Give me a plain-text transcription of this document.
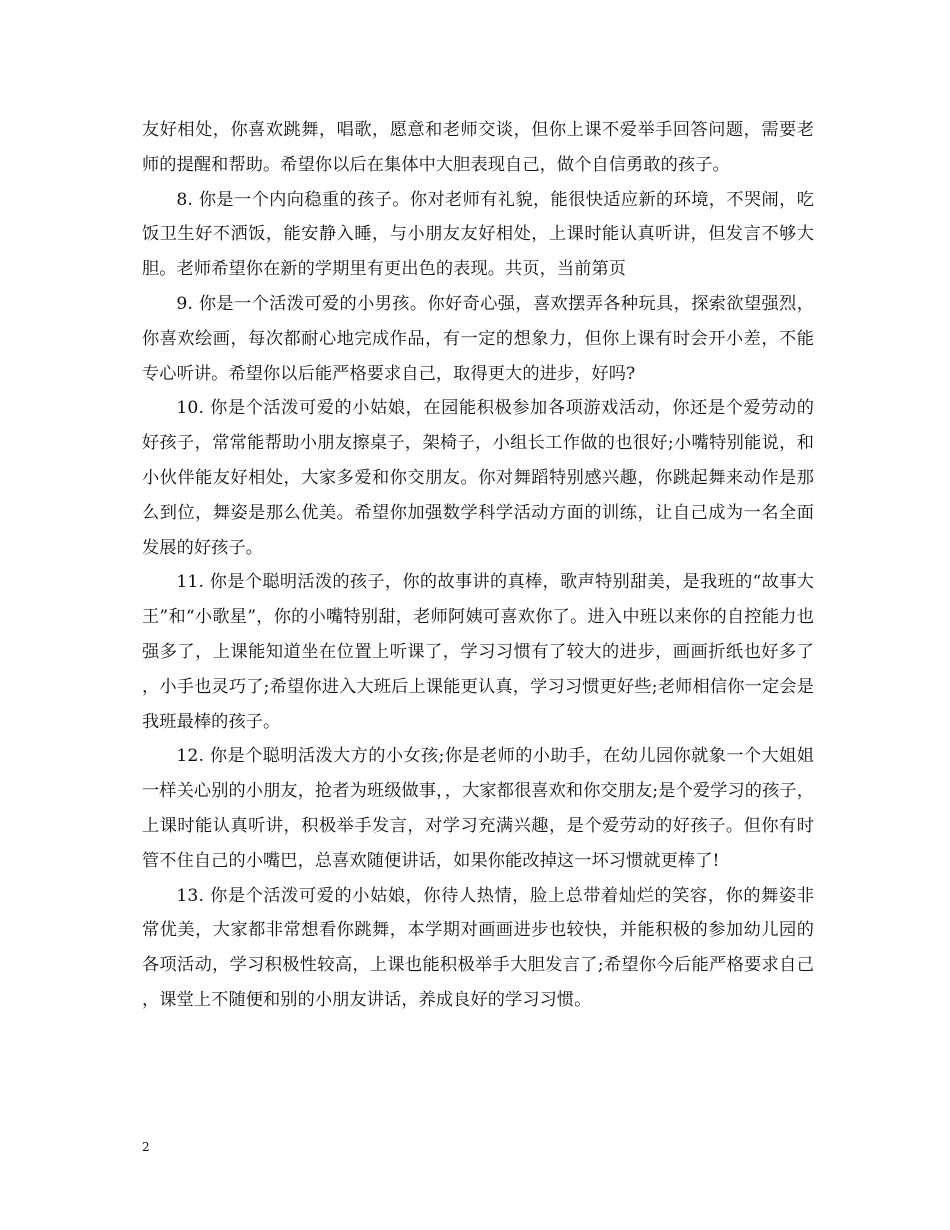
友好相处，你喜欢跳舞，唱歌，愿意和老师交谈，但你上课不爱举手回答问题，需要老师的提醒和帮助。希望你以后在集体中大胆表现自己，做个自信勇敢的孩子。

8. 你是一个内向稳重的孩子。你对老师有礼貌，能很快适应新的环境，不哭闹，吃饭卫生好不洒饭，能安静入睡，与小朋友友好相处，上课时能认真听讲，但发言不够大胆。老师希望你在新的学期里有更出色的表现。共页，当前第页

9. 你是一个活泼可爱的小男孩。你好奇心强，喜欢摆弄各种玩具，探索欲望强烈，你喜欢绘画，每次都耐心地完成作品，有一定的想象力，但你上课有时会开小差，不能专心听讲。希望你以后能严格要求自己，取得更大的进步，好吗?

10. 你是个活泼可爱的小姑娘，在园能积极参加各项游戏活动，你还是个爱劳动的好孩子，常常能帮助小朋友擦桌子，架椅子，小组长工作做的也很好;小嘴特别能说，和小伙伴能友好相处，大家多爱和你交朋友。你对舞蹈特别感兴趣，你跳起舞来动作是那么到位，舞姿是那么优美。希望你加强数学科学活动方面的训练，让自己成为一名全面发展的好孩子。

11. 你是个聪明活泼的孩子，你的故事讲的真棒，歌声特别甜美，是我班的“故事大王”和“小歌星”，你的小嘴特别甜，老师阿姨可喜欢你了。进入中班以来你的自控能力也强多了，上课能知道坐在位置上听课了，学习习惯有了较大的进步，画画折纸也好多了，小手也灵巧了;希望你进入大班后上课能更认真，学习习惯更好些;老师相信你一定会是我班最棒的孩子。

12. 你是个聪明活泼大方的小女孩;你是老师的小助手，在幼儿园你就象一个大姐姐一样关心别的小朋友，抢者为班级做事，，大家都很喜欢和你交朋友;是个爱学习的孩子，上课时能认真听讲，积极举手发言，对学习充满兴趣，是个爱劳动的好孩子。但你有时管不住自己的小嘴巴，总喜欢随便讲话，如果你能改掉这一坏习惯就更棒了!

13. 你是个活泼可爱的小姑娘，你待人热情，脸上总带着灿烂的笑容，你的舞姿非常优美，大家都非常想看你跳舞，本学期对画画进步也较快，并能积极的参加幼儿园的各项活动，学习积极性较高，上课也能积极举手大胆发言了;希望你今后能严格要求自己，课堂上不随便和别的小朋友讲话，养成良好的学习习惯。

2
